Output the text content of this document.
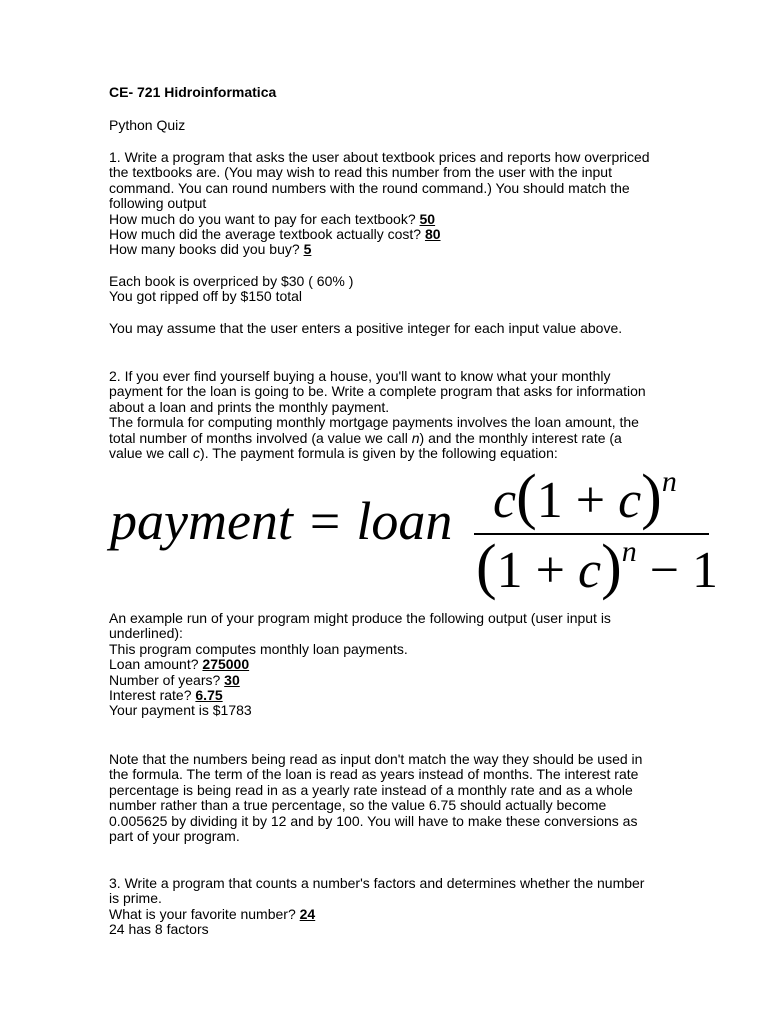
CE- 721 Hidroinformatica
Python Quiz
1. Write a program that asks the user about textbook prices and reports how overpriced
the textbooks are. (You may wish to read this number from the user with the input
command. You can round numbers with the round command.) You should match the
following output
How much do you want to pay for each textbook? 50
How much did the average textbook actually cost? 80
How many books did you buy? 5
Each book is overpriced by $30 ( 60% )
You got ripped off by $150 total
You may assume that the user enters a positive integer for each input value above.
2. If you ever find yourself buying a house, you'll want to know what your monthly
payment for the loan is going to be. Write a complete program that asks for information
about a loan and prints the monthly payment.
The formula for computing monthly mortgage payments involves the loan amount, the
total number of months involved (a value we call n) and the monthly interest rate (a
value we call c). The payment formula is given by the following equation:
payment = loan $c(1 + c)^n$
$(1 + c)^n - 1$
An example run of your program might produce the following output (user input is
underlined):
This program computes monthly loan payments.
Loan amount? 275000
Number of years? 30
Interest rate? 6.75
Your payment is $1783
Note that the numbers being read as input don't match the way they should be used in
the formula. The term of the loan is read as years instead of months. The interest rate
percentage is being read in as a yearly rate instead of a monthly rate and as a whole
number rather than a true percentage, so the value 6.75 should actually become
0.005625 by dividing it by 12 and by 100. You will have to make these conversions as
part of your program.
3. Write a program that counts a number's factors and determines whether the number
is prime.
What is your favorite number? 24
24 has 8 factors
